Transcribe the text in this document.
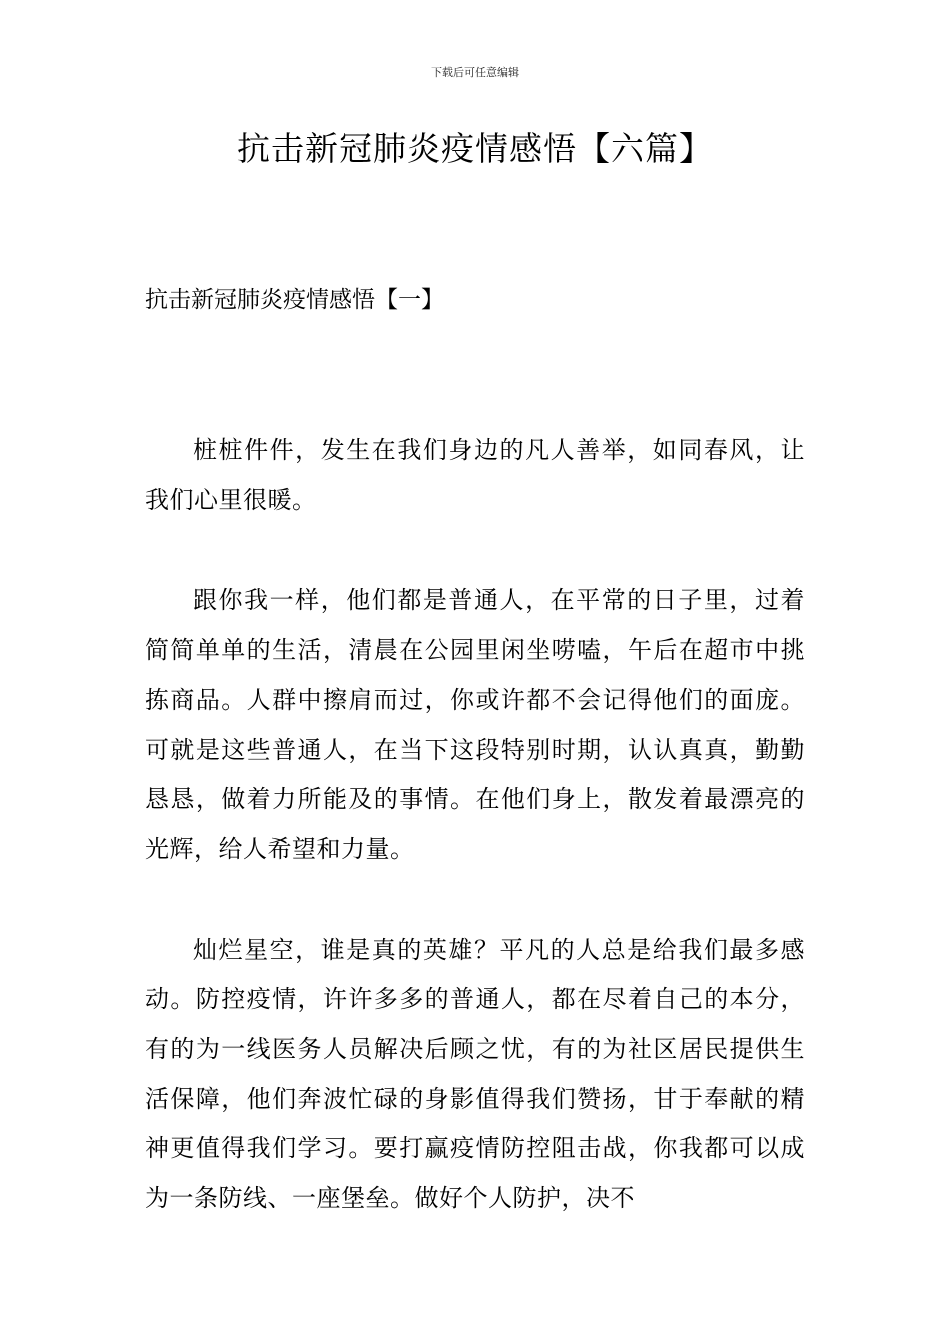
下载后可任意编辑
抗击新冠肺炎疫情感悟【六篇】
抗击新冠肺炎疫情感悟【一】

桩桩件件，发生在我们身边的凡人善举，如同春风，让我们心里很暖。

跟你我一样，他们都是普通人，在平常的日子里，过着简简单单的生活，清晨在公园里闲坐唠嗑，午后在超市中挑拣商品。人群中擦肩而过，你或许都不会记得他们的面庞。可就是这些普通人，在当下这段特别时期，认认真真，勤勤恳恳，做着力所能及的事情。在他们身上，散发着最漂亮的光辉，给人希望和力量。

灿烂星空，谁是真的英雄？平凡的人总是给我们最多感动。防控疫情，许许多多的普通人，都在尽着自己的本分，有的为一线医务人员解决后顾之忧，有的为社区居民提供生活保障，他们奔波忙碌的身影值得我们赞扬，甘于奉献的精神更值得我们学习。要打赢疫情防控阻击战，你我都可以成为一条防线、一座堡垒。做好个人防护，决不
